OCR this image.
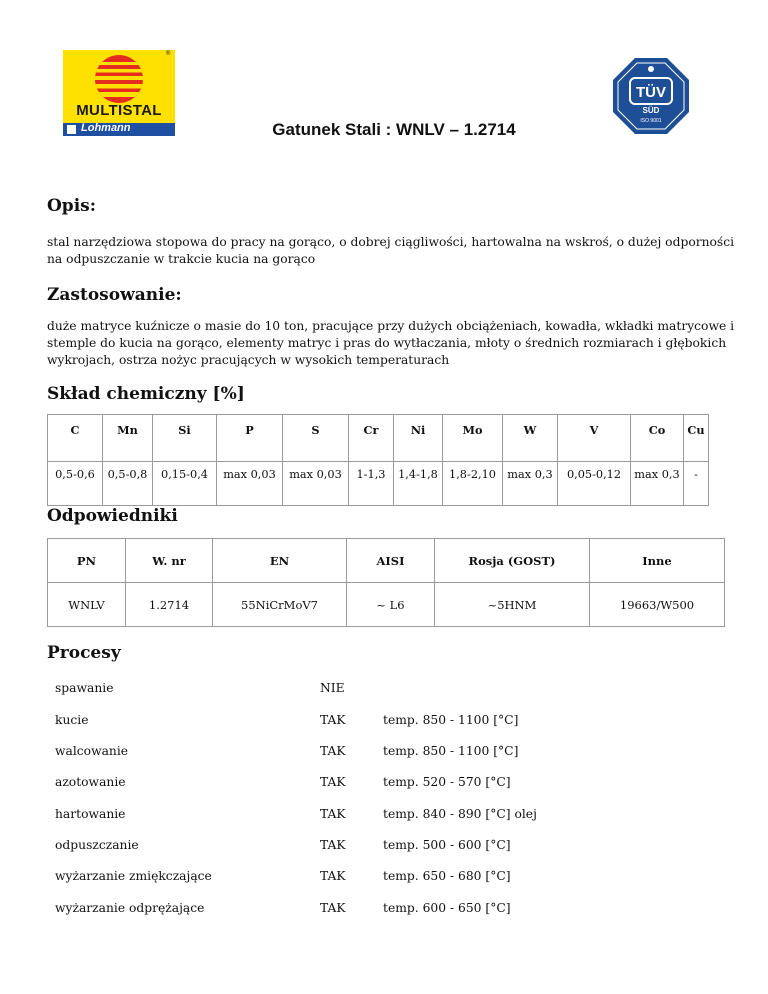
®
MULTISTAL
Lohmann
TÜV
SÜD
ISO 9001
Gatunek Stali : WNLV – 1.2714
Opis:
stal narzędziowa stopowa do pracy na gorąco, o dobrej ciągliwości, hartowalna na wskroś, o dużej odporności na odpuszczanie w trakcie kucia na gorąco
Zastosowanie:
duże matryce kuźnicze o masie do 10 ton, pracujące przy dużych obciążeniach, kowadła, wkładki matrycowe i stemple do kucia na gorąco, elementy matryc i pras do wytłaczania, młoty o średnich rozmiarach i głębokich wykrojach, ostrza nożyc pracujących w wysokich temperaturach
Skład chemiczny [%]
C	Mn	Si	P	S	Cr	Ni	Mo	W	V	Co	Cu
0,5-0,6	0,5-0,8	0,15-0,4	max 0,03	max 0,03	1-1,3	1,4-1,8	1,8-2,10	max 0,3	0,05-0,12	max 0,3	-
Odpowiedniki
PN	W. nr	EN	AISI	Rosja (GOST)	Inne
WNLV	1.2714	55NiCrMoV7	~ L6	~5HNM	19663/W500
Procesy
spawanie	NIE
kucie	TAK	temp. 850 - 1100 [°C]
walcowanie	TAK	temp. 850 - 1100 [°C]
azotowanie	TAK	temp. 520 - 570 [°C]
hartowanie	TAK	temp. 840 - 890 [°C] olej
odpuszczanie	TAK	temp. 500 - 600 [°C]
wyżarzanie zmiękczające	TAK	temp. 650 - 680 [°C]
wyżarzanie odprężające	TAK	temp. 600 - 650 [°C]
